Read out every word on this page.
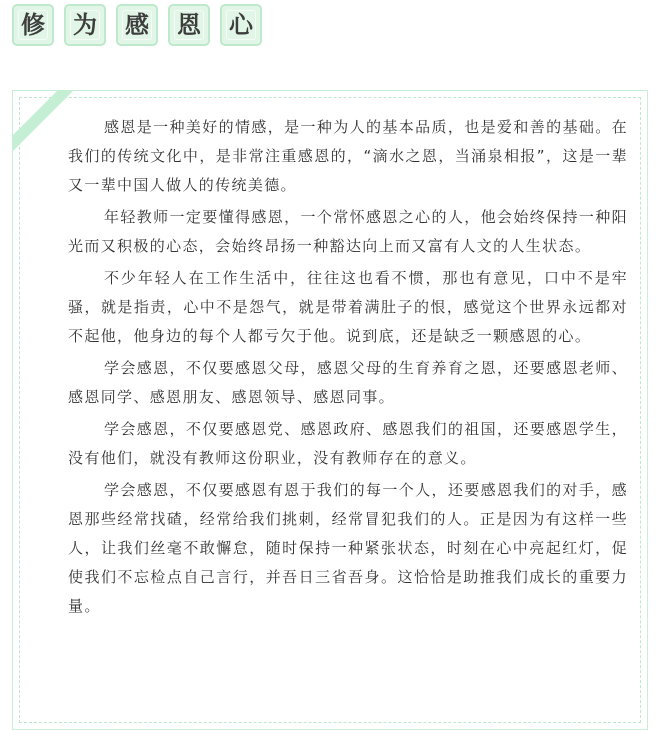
修 为 感 恩 心

感恩是一种美好的情感，是一种为人的基本品质，也是爱和善的基础。在我们的传统文化中，是非常注重感恩的，“滴水之恩，当涌泉相报”，这是一辈又一辈中国人做人的传统美德。

年轻教师一定要懂得感恩，一个常怀感恩之心的人，他会始终保持一种阳光而又积极的心态，会始终昂扬一种豁达向上而又富有人文的人生状态。

不少年轻人在工作生活中，往往这也看不惯，那也有意见，口中不是牢骚，就是指责，心中不是怨气，就是带着满肚子的恨，感觉这个世界永远都对不起他，他身边的每个人都亏欠于他。说到底，还是缺乏一颗感恩的心。

学会感恩，不仅要感恩父母，感恩父母的生育养育之恩，还要感恩老师、感恩同学、感恩朋友、感恩领导、感恩同事。

学会感恩，不仅要感恩党、感恩政府、感恩我们的祖国，还要感恩学生，没有他们，就没有教师这份职业，没有教师存在的意义。

学会感恩，不仅要感恩有恩于我们的每一个人，还要感恩我们的对手，感恩那些经常找碴，经常给我们挑刺，经常冒犯我们的人。正是因为有这样一些人，让我们丝毫不敢懈怠，随时保持一种紧张状态，时刻在心中亮起红灯，促使我们不忘检点自己言行，并吾日三省吾身。这恰恰是助推我们成长的重要力量。
